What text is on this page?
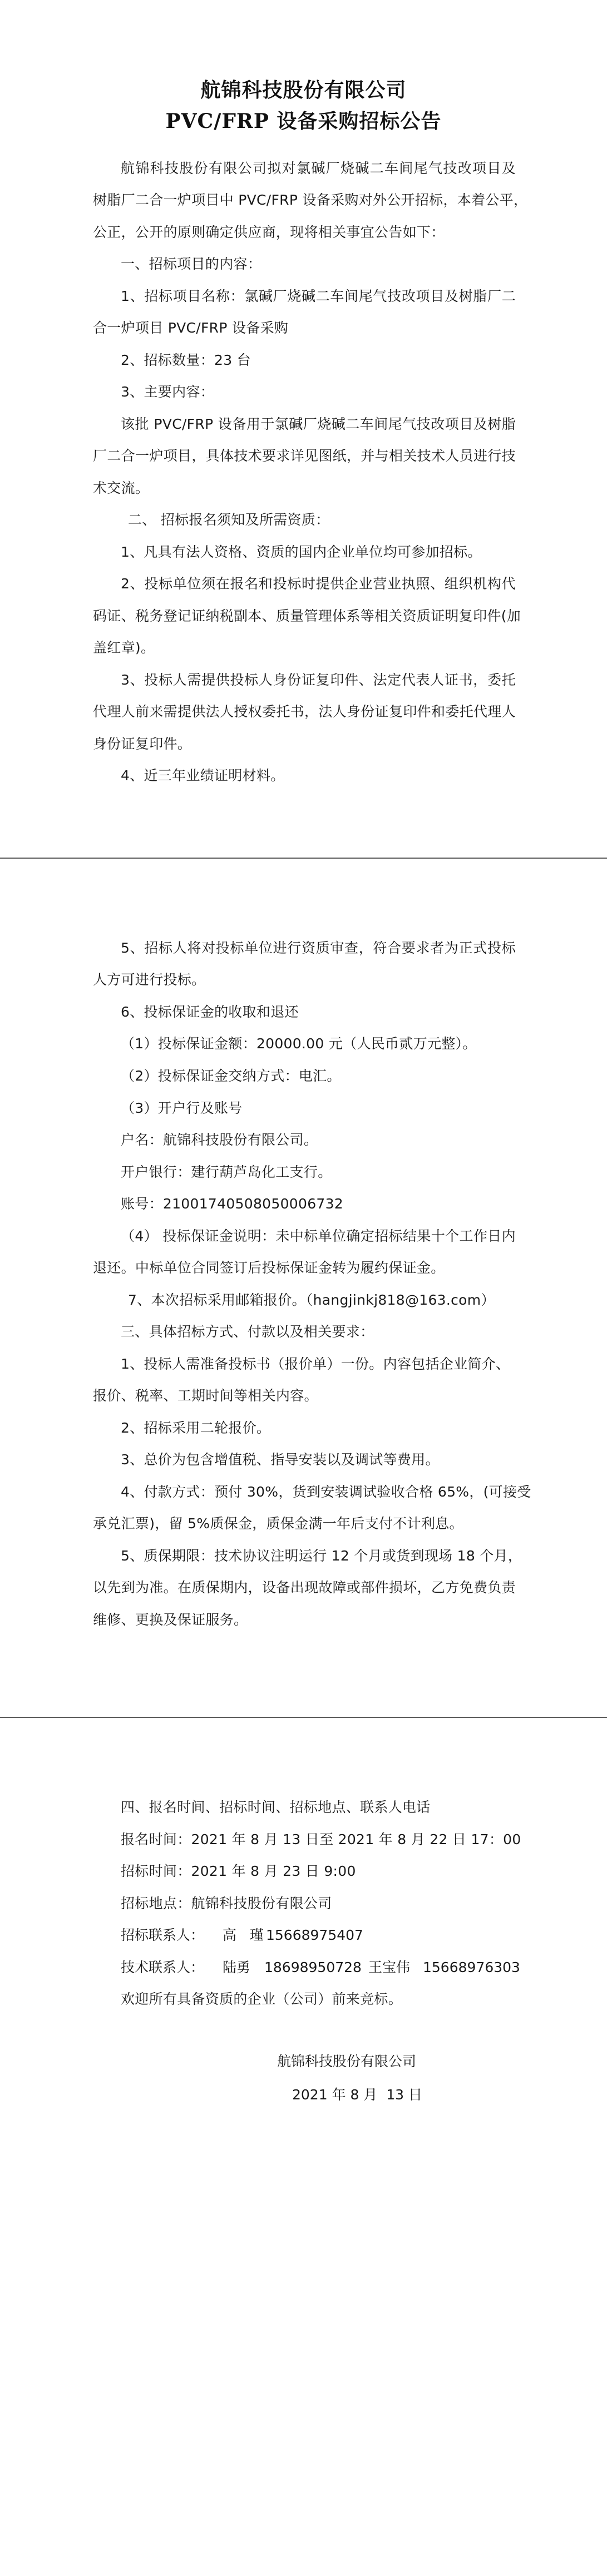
航锦科技股份有限公司
PVC/FRP 设备采购招标公告
航锦科技股份有限公司拟对氯碱厂烧碱二车间尾气技改项目及
树脂厂二合一炉项目中 PVC/FRP 设备采购对外公开招标，本着公平，
公正，公开的原则确定供应商，现将相关事宜公告如下：
一、招标项目的内容：
1、招标项目名称：氯碱厂烧碱二车间尾气技改项目及树脂厂二
合一炉项目 PVC/FRP 设备采购
2、招标数量：23 台
3、主要内容：
该批 PVC/FRP 设备用于氯碱厂烧碱二车间尾气技改项目及树脂
厂二合一炉项目，具体技术要求详见图纸，并与相关技术人员进行技
术交流。
二、 招标报名须知及所需资质：
1、凡具有法人资格、资质的国内企业单位均可参加招标。
2、投标单位须在报名和投标时提供企业营业执照、组织机构代
码证、税务登记证纳税副本、质量管理体系等相关资质证明复印件(加
盖红章)。
3、投标人需提供投标人身份证复印件、法定代表人证书，委托
代理人前来需提供法人授权委托书，法人身份证复印件和委托代理人
身份证复印件。
4、近三年业绩证明材料。
5、招标人将对投标单位进行资质审查，符合要求者为正式投标
人方可进行投标。
6、投标保证金的收取和退还
（1）投标保证金额：20000.00 元（人民币贰万元整）。
（2）投标保证金交纳方式：电汇。
（3）开户行及账号
户名：航锦科技股份有限公司。
开户银行：建行葫芦岛化工支行。
账号：21001740508050006732
（4） 投标保证金说明：未中标单位确定招标结果十个工作日内
退还。中标单位合同签订后投标保证金转为履约保证金。
7、本次招标采用邮箱报价。（hangjinkj818@163.com）
三、具体招标方式、付款以及相关要求：
1、投标人需准备投标书（报价单）一份。内容包括企业简介、
报价、税率、工期时间等相关内容。
2、招标采用二轮报价。
3、总价为包含增值税、指导安装以及调试等费用。
4、付款方式：预付 30%，货到安装调试验收合格 65%，(可接受
承兑汇票)，留 5%质保金，质保金满一年后支付不计利息。
5、质保期限：技术协议注明运行 12 个月或货到现场 18 个月，
以先到为准。在质保期内，设备出现故障或部件损坏，乙方免费负责
维修、更换及保证服务。
四、报名时间、招标时间、招标地点、联系人电话
报名时间：2021 年 8 月 13 日至 2021 年 8 月 22 日 17：00
招标时间：2021 年 8 月 23 日 9:00
招标地点：航锦科技股份有限公司
招标联系人： 高   瑾 15668975407
技术联系人： 陆勇 18698950728 王宝伟 15668976303
欢迎所有具备资质的企业（公司）前来竞标。
航锦科技股份有限公司
2021 年 8 月  13 日
